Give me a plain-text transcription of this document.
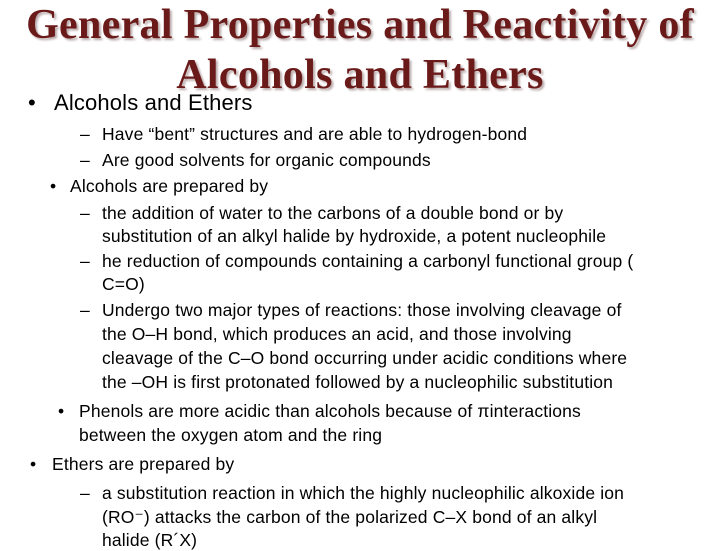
General Properties and Reactivity of
Alcohols and Ethers
• Alcohols and Ethers
– Have “bent” structures and are able to hydrogen-bond
– Are good solvents for organic compounds
• Alcohols are prepared by
– the addition of water to the carbons of a double bond or by
substitution of an alkyl halide by hydroxide, a potent nucleophile
– he reduction of compounds containing a carbonyl functional group (
C=O)
– Undergo two major types of reactions: those involving cleavage of
the O–H bond, which produces an acid, and those involving
cleavage of the C–O bond occurring under acidic conditions where
the –OH is first protonated followed by a nucleophilic substitution
• Phenols are more acidic than alcohols because of πinteractions
between the oxygen atom and the ring
• Ethers are prepared by
– a substitution reaction in which the highly nucleophilic alkoxide ion
(RO⁻) attacks the carbon of the polarized C–X bond of an alkyl
halide (R´X)
